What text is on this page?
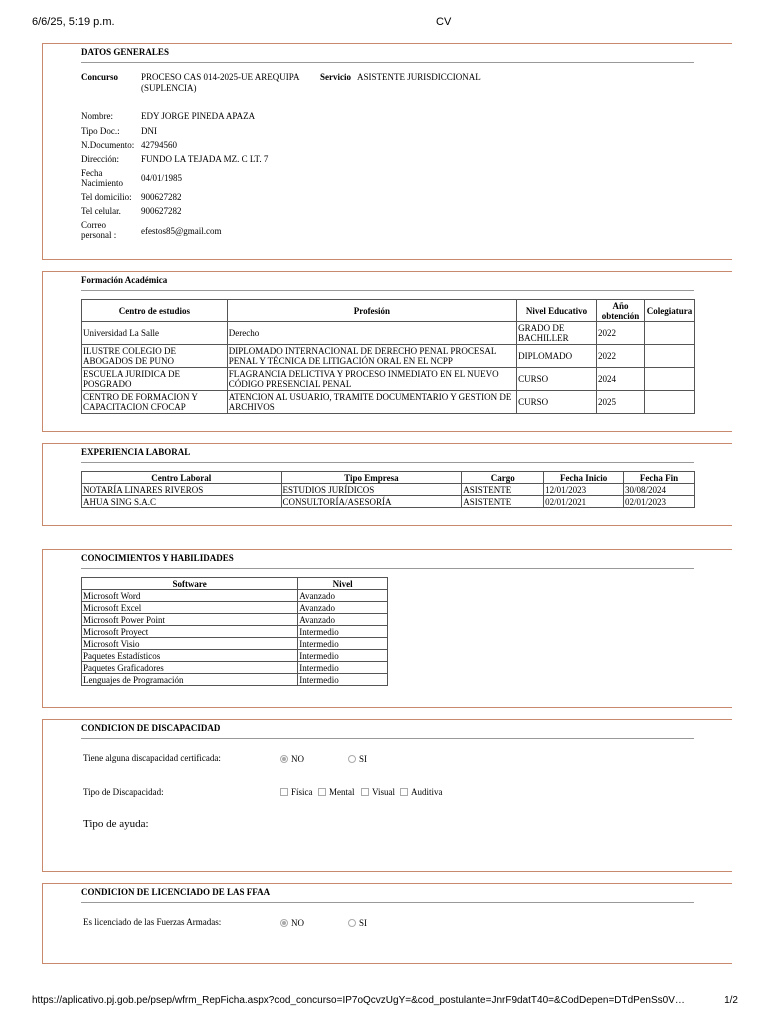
6/6/25, 5:19 p.m.	CV
DATOS GENERALES
Concurso	PROCESO CAS 014-2025-UE AREQUIPA
(SUPLENCIA)
Servicio ASISTENTE JURISDICCIONAL
Nombre:	EDY JORGE PINEDA APAZA
Tipo Doc.: DNI
N.Documento: 42794560
Dirección: FUNDO LA TEJADA MZ. C LT. 7
Fecha Nacimiento	04/01/1985
Tel domicilio: 900627282
Tel celular. 900627282
Correo personal :	efestos85@gmail.com
Formación Académica
Centro de estudios	Profesión	Nivel Educativo	Año obtención	Colegiatura
Universidad La Salle	Derecho	GRADO DE BACHILLER	2022	
ILUSTRE COLEGIO DE ABOGADOS DE PUNO	DIPLOMADO INTERNACIONAL DE DERECHO PENAL PROCESAL PENAL Y TÉCNICA DE LITIGACIÓN ORAL EN EL NCPP	DIPLOMADO	2022	
ESCUELA JURIDICA DE POSGRADO	FLAGRANCIA DELICTIVA Y PROCESO INMEDIATO EN EL NUEVO CÓDIGO PRESENCIAL PENAL	CURSO	2024	
CENTRO DE FORMACION Y CAPACITACION CFOCAP	ATENCION AL USUARIO, TRAMITE DOCUMENTARIO Y GESTION DE ARCHIVOS	CURSO	2025	
EXPERIENCIA LABORAL
Centro Laboral	Tipo Empresa	Cargo	Fecha Inicio	Fecha Fin
NOTARÍA LINARES RIVEROS	ESTUDIOS JURÍDICOS	ASISTENTE	12/01/2023	30/08/2024
AHUA SING S.A.C	CONSULTORÍA/ASESORÍA	ASISTENTE	02/01/2021	02/01/2023
CONOCIMIENTOS Y HABILIDADES
Software	Nivel
Microsoft Word	Avanzado
Microsoft Excel	Avanzado
Microsoft Power Point	Avanzado
Microsoft Proyect	Intermedio
Microsoft Visio	Intermedio
Paquetes Estadísticos	Intermedio
Paquetes Graficadores	Intermedio
Lenguajes de Programación	Intermedio
CONDICION DE DISCAPACIDAD
Tiene alguna discapacidad certificada:	NO	SI
Tipo de Discapacidad:	Física	Mental	Visual	Auditiva
Tipo de ayuda:
CONDICION DE LICENCIADO DE LAS FFAA
Es licenciado de las Fuerzas Armadas:	NO	SI
https://aplicativo.pj.gob.pe/psep/wfrm_RepFicha.aspx?cod_concurso=IP7oQcvzUgY=&cod_postulante=JnrF9datT40=&CodDepen=DTdPenSs0V…	1/2
